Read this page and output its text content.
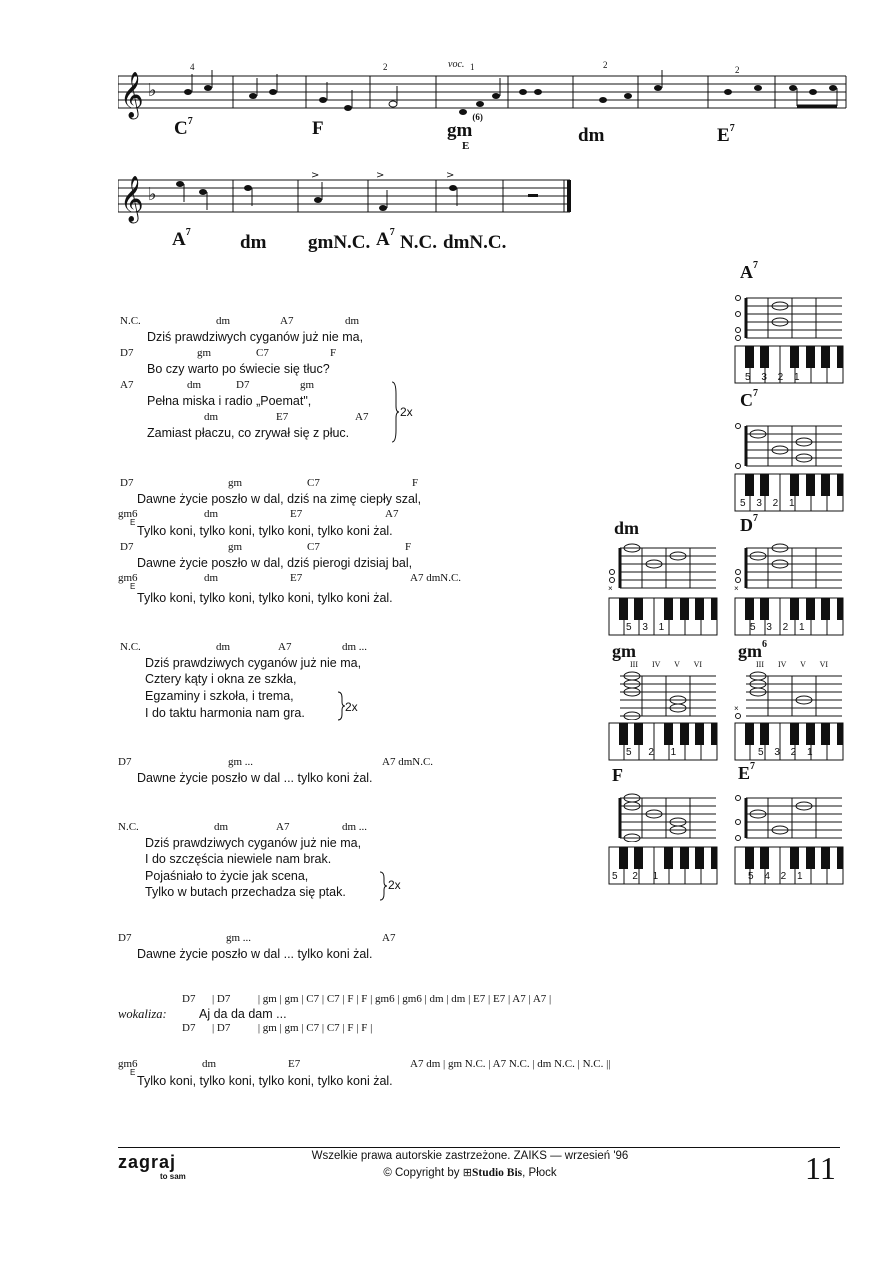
𝄞 ♭
4	2	voc. 1	2	2
$C^7$	F	$gm^{(6)}$
E	dm	$E^7$
𝄞 ♭
>	>	>
$A^7$	dm gmN.C. $A^7$ N.C. dmN.C.
N.C.	dm	A7	dm
Dziś prawdziwych cyganów już nie ma,
D7	gm	C7	F
Bo czy warto po świecie się tłuc?
A7	dm	D7	gm
Pełna miska i radio „Poemat",
dm	E7	A7
Zamiast płaczu, co zrywał się z płuc.
2x
D7	gm	C7	F
Dawne życie poszło w dal, dziś na zimę ciepły szal,
gm6	dm	E7	A7
E
Tylko koni, tylko koni, tylko koni, tylko koni żal.
D7	gm	C7	F
Dawne życie poszło w dal, dziś pierogi dzisiaj bal,
gm6	dm	E7	A7 dmN.C.
E
Tylko koni, tylko koni, tylko koni, tylko koni żal.
N.C.	dm	A7	dm ...
Dziś prawdziwych cyganów już nie ma,
Cztery kąty i okna ze szkła,
Egzaminy i szkoła, i trema,
I do taktu harmonia nam gra.	2x
D7	gm ...	A7 dmN.C.
Dawne życie poszło w dal ... tylko koni żal.
N.C.	dm	A7	dm ...
Dziś prawdziwych cyganów już nie ma,
I do szczęścia niewiele nam brak.
Pojaśniało to życie jak scena,
Tylko w butach przechadza się ptak.	2x
D7	gm ...	A7
Dawne życie poszło w dal ... tylko koni żal.
D7      | D7          | gm | gm | C7 | C7 | F | F | gm6 | gm6 | dm | dm | E7 | E7 | A7 | A7 |
wokaliza:	Aj da da dam ...
D7      | D7          | gm | gm | C7 | C7 | F | F |
gm6	dm	E7	A7 dm | gm N.C. | A7 N.C. | dm N.C. | N.C. ||
E
Tylko koni, tylko koni, tylko koni, tylko koni żal.
$A^7$
5 3 2 1
$C^7$
5 3 2 1
dm
×
5 3 1
$D^7$
×
5 3 2 1
gm
III IV V VI
5 2 1
$gm^6$
III IV V VI
×
5 3 2 1
F
5 2 1
$E^7$
5 4 2 1
zagraj
to sam
Wszelkie prawa autorskie zastrzeżone. ZAIKS — wrzesień '96
© Copyright by ⊞Studio Bis, Płock	11
